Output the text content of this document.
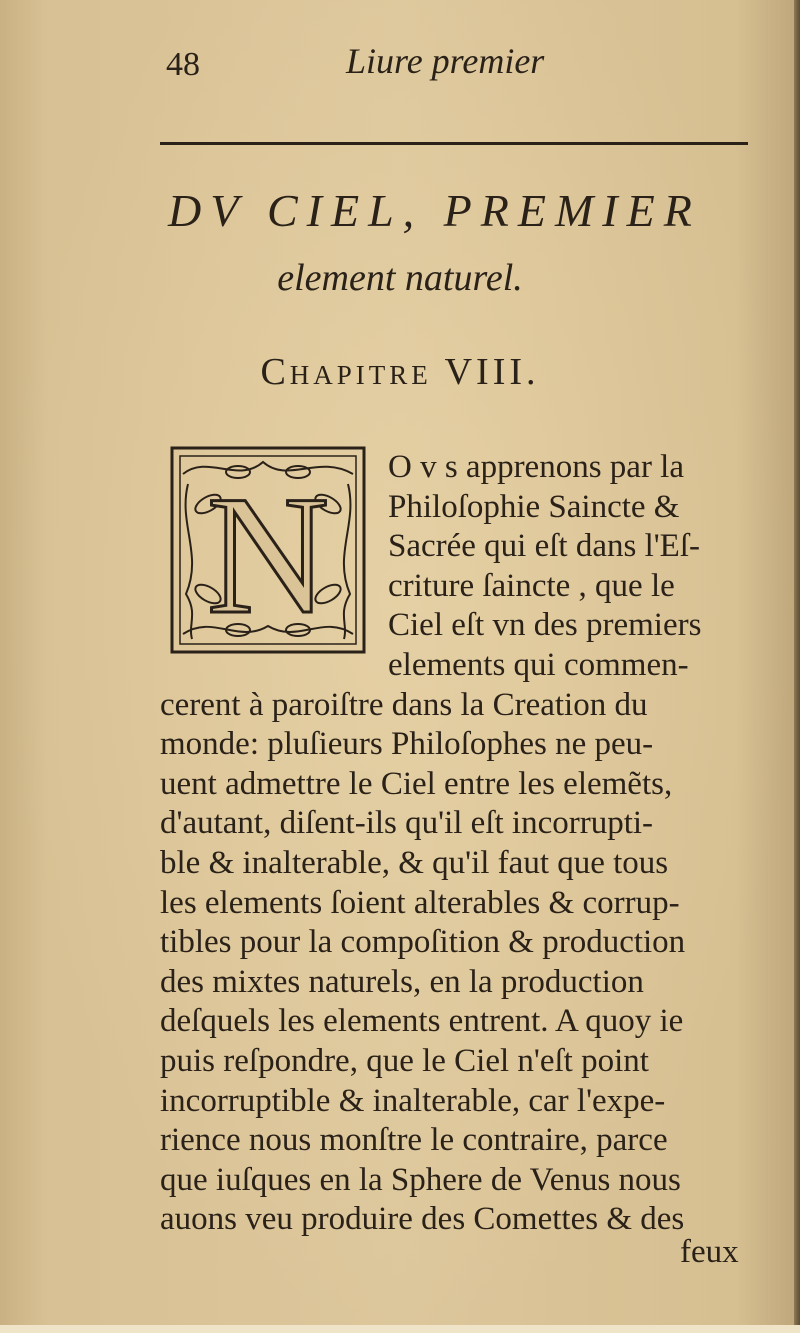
48	Liure premier
DV CIEL, PREMIER
element naturel.
Chapitre VIII.
N O v s apprenons par la
Philoſophie Saincte &
Sacrée qui eſt dans l'Eſ-
criture ſaincte , que le
Ciel eſt vn des premiers
elements qui commen-
cerent à paroiſtre dans la Creation du
monde: pluſieurs Philoſophes ne peu-
uent admettre le Ciel entre les elemẽts,
d'autant, diſent-ils qu'il eſt incorrupti-
ble & inalterable, & qu'il faut que tous
les elements ſoient alterables & corrup-
tibles pour la compoſition & production
des mixtes naturels, en la production
deſquels les elements entrent. A quoy ie
puis reſpondre, que le Ciel n'eſt point
incorruptible & inalterable, car l'expe-
rience nous monſtre le contraire, parce
que iuſques en la Sphere de Venus nous
auons veu produire des Comettes & des
feux
